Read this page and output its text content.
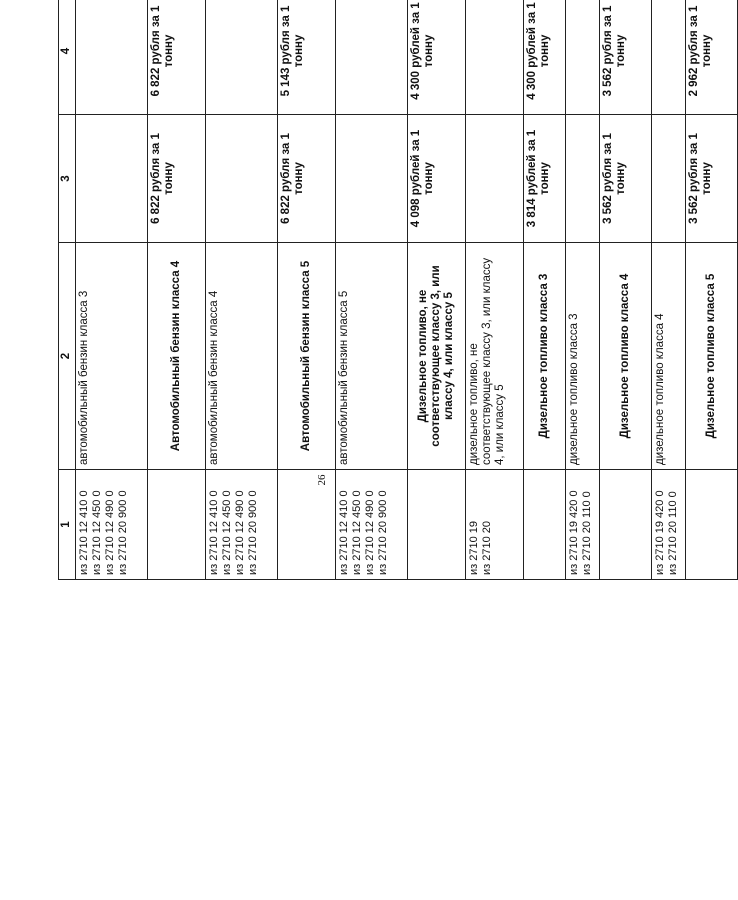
26
1	2	3	4		
из 2710 12 410 0
из 2710 12 450 0
из 2710 12 490 0
из 2710 20 900 0	автомобильный бензин класса 3				
	Автомобильный бензин класса 4	6 822 рубля за 1 тонну	6 822 рубля за 1 тонну		
из 2710 12 410 0
из 2710 12 450 0
из 2710 12 490 0
из 2710 20 900 0	автомобильный бензин класса 4				
	Автомобильный бензин класса 5	6 822 рубля за 1 тонну	5 143 рубля за 1 тонну		
из 2710 12 410 0
из 2710 12 450 0
из 2710 12 490 0
из 2710 20 900 0	автомобильный бензин класса 5				
	Дизельное топливо, не соответствующее классу 3, или классу 4, или классу 5	4 098 рублей за 1 тонну	4 300 рублей за 1 тонну		
из 2710 19
из 2710 20	дизельное топливо, не соответствующее классу 3, или классу 4, или классу 5				
	Дизельное топливо класса 3	3 814 рублей за 1 тонну	4 300 рублей за 1 тонну		
из 2710 19 420 0
из 2710 20 110 0	дизельное топливо класса 3				
	Дизельное топливо класса 4	3 562 рубля за 1 тонну	3 562 рубля за 1 тонну		
из 2710 19 420 0
из 2710 20 110 0	дизельное топливо класса 4				
	Дизельное топливо класса 5	3 562 рубля за 1 тонну	2 962 рубля за 1 тонну		
